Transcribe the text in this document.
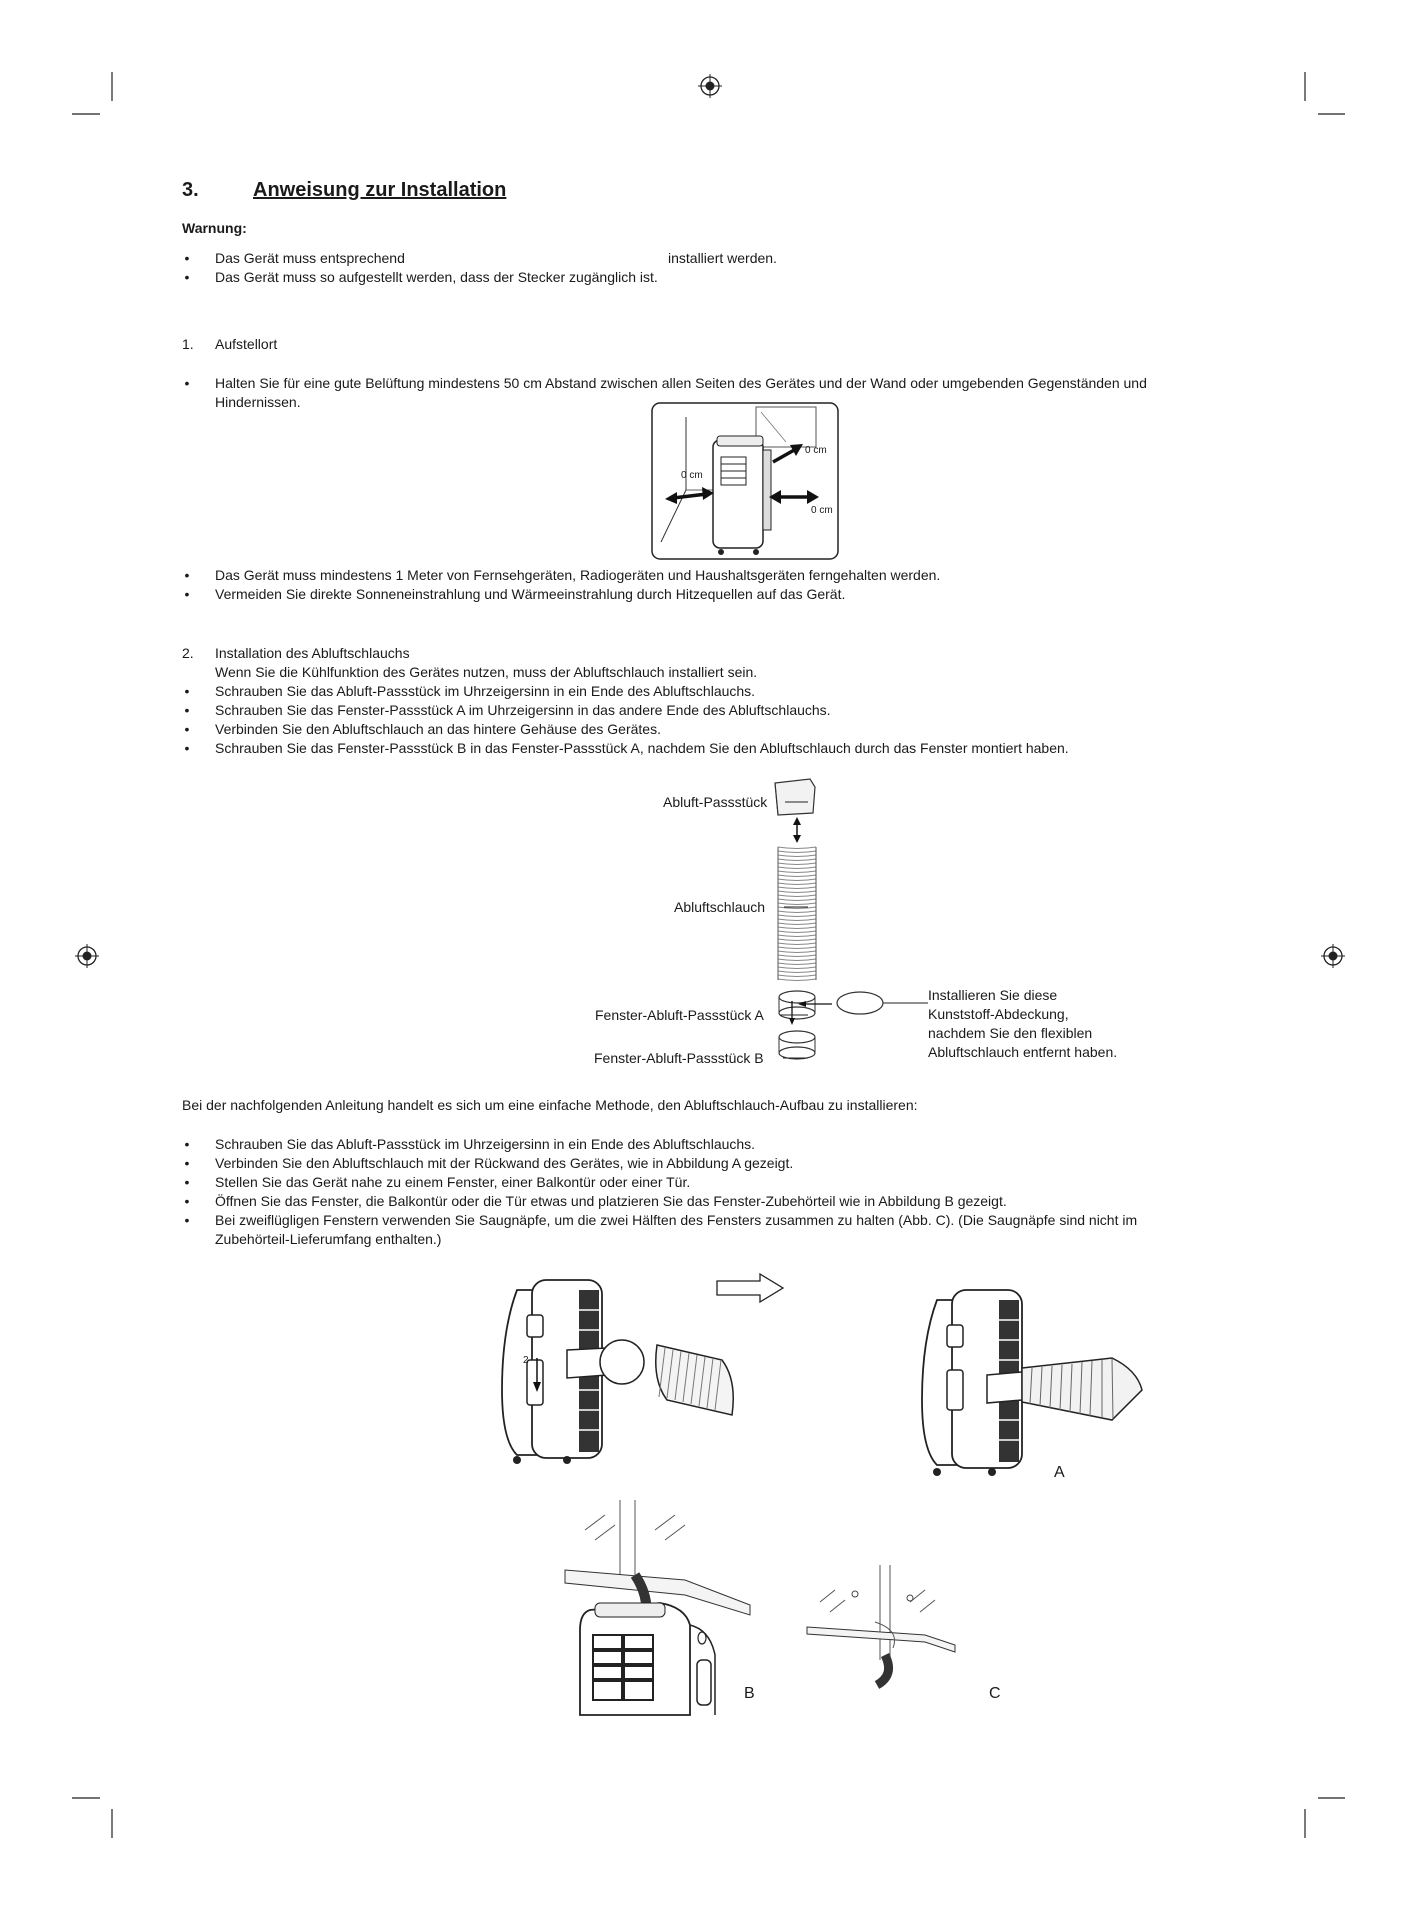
3.	Anweisung zur Installation
Warnung:
• Das Gerät muss entsprechend	installiert werden.
• Das Gerät muss so aufgestellt werden, dass der Stecker zugänglich ist.
1. Aufstellort
• Halten Sie für eine gute Belüftung mindestens 50 cm Abstand zwischen allen Seiten des Gerätes und der Wand oder umgebenden Gegenständen und
Hindernissen.
0 cm
0 cm
0 cm
• Das Gerät muss mindestens 1 Meter von Fernsehgeräten, Radiogeräten und Haushaltsgeräten ferngehalten werden.
• Vermeiden Sie direkte Sonneneinstrahlung und Wärmeeinstrahlung durch Hitzequellen auf das Gerät.
2. Installation des Abluftschlauchs
Wenn Sie die Kühlfunktion des Gerätes nutzen, muss der Abluftschlauch installiert sein.
• Schrauben Sie das Abluft-Passstück im Uhrzeigersinn in ein Ende des Abluftschlauchs.
• Schrauben Sie das Fenster-Passstück A im Uhrzeigersinn in das andere Ende des Abluftschlauchs.
• Verbinden Sie den Abluftschlauch an das hintere Gehäuse des Gerätes.
• Schrauben Sie das Fenster-Passstück B in das Fenster-Passstück A, nachdem Sie den Abluftschlauch durch das Fenster montiert haben.
Abluft-Passstück
Abluftschlauch
Fenster-Abluft-Passstück A
Fenster-Abluft-Passstück B
Installieren Sie diese
Kunststoff-Abdeckung,
nachdem Sie den flexiblen
Abluftschlauch entfernt haben.
Bei der nachfolgenden Anleitung handelt es sich um eine einfache Methode, den Abluftschlauch-Aufbau zu installieren:
• Schrauben Sie das Abluft-Passstück im Uhrzeigersinn in ein Ende des Abluftschlauchs.
• Verbinden Sie den Abluftschlauch mit der Rückwand des Gerätes, wie in Abbildung A gezeigt.
• Stellen Sie das Gerät nahe zu einem Fenster, einer Balkontür oder einer Tür.
• Öffnen Sie das Fenster, die Balkontür oder die Tür etwas und platzieren Sie das Fenster-Zubehörteil wie in Abbildung B gezeigt.
• Bei zweiflügligen Fenstern verwenden Sie Saugnäpfe, um die zwei Hälften des Fensters zusammen zu halten (Abb. C). (Die Saugnäpfe sind nicht im
Zubehörteil-Lieferumfang enthalten.)
2
A
B	C
